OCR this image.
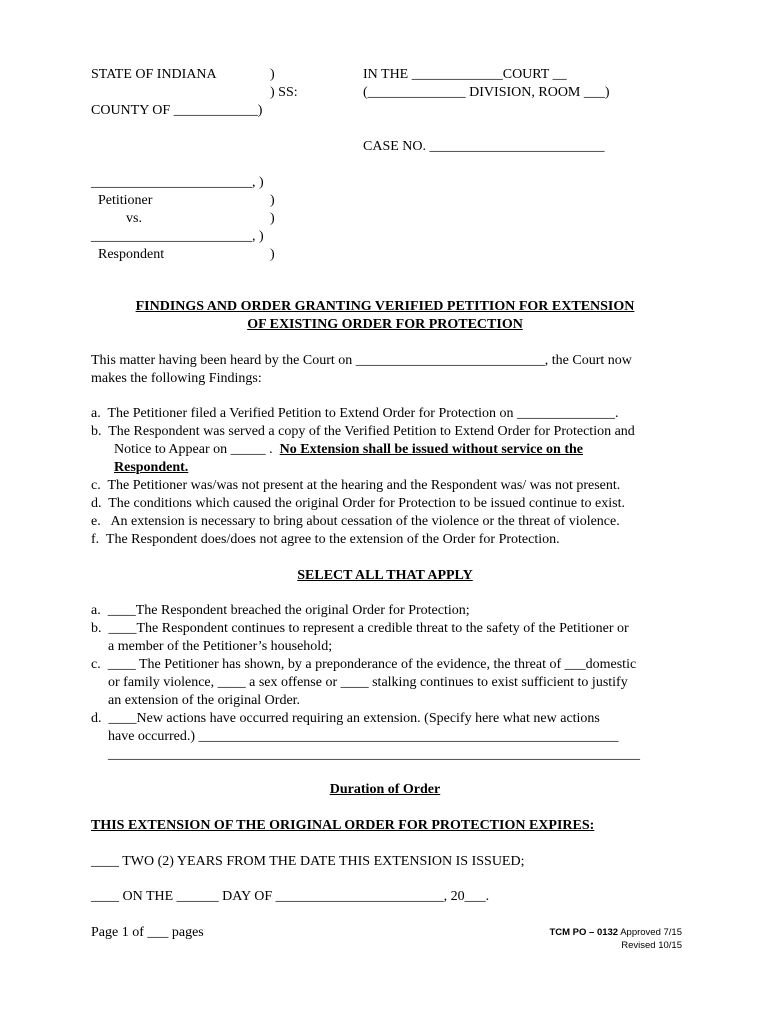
STATE OF INDIANA	)
) SS:
COUNTY OF ____________)
IN THE _____________COURT __
(______________ DIVISION, ROOM ___)
CASE NO. _________________________
_______________________, )
Petitioner	)
vs.	)
_______________________, )
Respondent	)
FINDINGS AND ORDER GRANTING VERIFIED PETITION FOR EXTENSION
OF EXISTING ORDER FOR PROTECTION
This matter having been heard by the Court on ___________________________, the Court now
makes the following Findings:
a.  The Petitioner filed a Verified Petition to Extend Order for Protection on ______________.
b.  The Respondent was served a copy of the Verified Petition to Extend Order for Protection and
Notice to Appear on _____ .  No Extension shall be issued without service on the
Respondent.
c.  The Petitioner was/was not present at the hearing and the Respondent was/ was not present.
d.  The conditions which caused the original Order for Protection to be issued continue to exist.
e.   An extension is necessary to bring about cessation of the violence or the threat of violence.
f.  The Respondent does/does not agree to the extension of the Order for Protection.
SELECT ALL THAT APPLY
a.  ____The Respondent breached the original Order for Protection;
b.  ____The Respondent continues to represent a credible threat to the safety of the Petitioner or
a member of the Petitioner’s household;
c.  ____ The Petitioner has shown, by a preponderance of the evidence, the threat of ___domestic
or family violence, ____ a sex offense or ____ stalking continues to exist sufficient to justify
an extension of the original Order.
d.  ____New actions have occurred requiring an extension. (Specify here what new actions
have occurred.) ____________________________________________________________
____________________________________________________________________________
Duration of Order
THIS EXTENSION OF THE ORIGINAL ORDER FOR PROTECTION EXPIRES:
____ TWO (2) YEARS FROM THE DATE THIS EXTENSION IS ISSUED;
____ ON THE ______ DAY OF ________________________, 20___.
Page 1 of ___ pages	TCM PO – 0132 Approved 7/15
Revised 10/15
